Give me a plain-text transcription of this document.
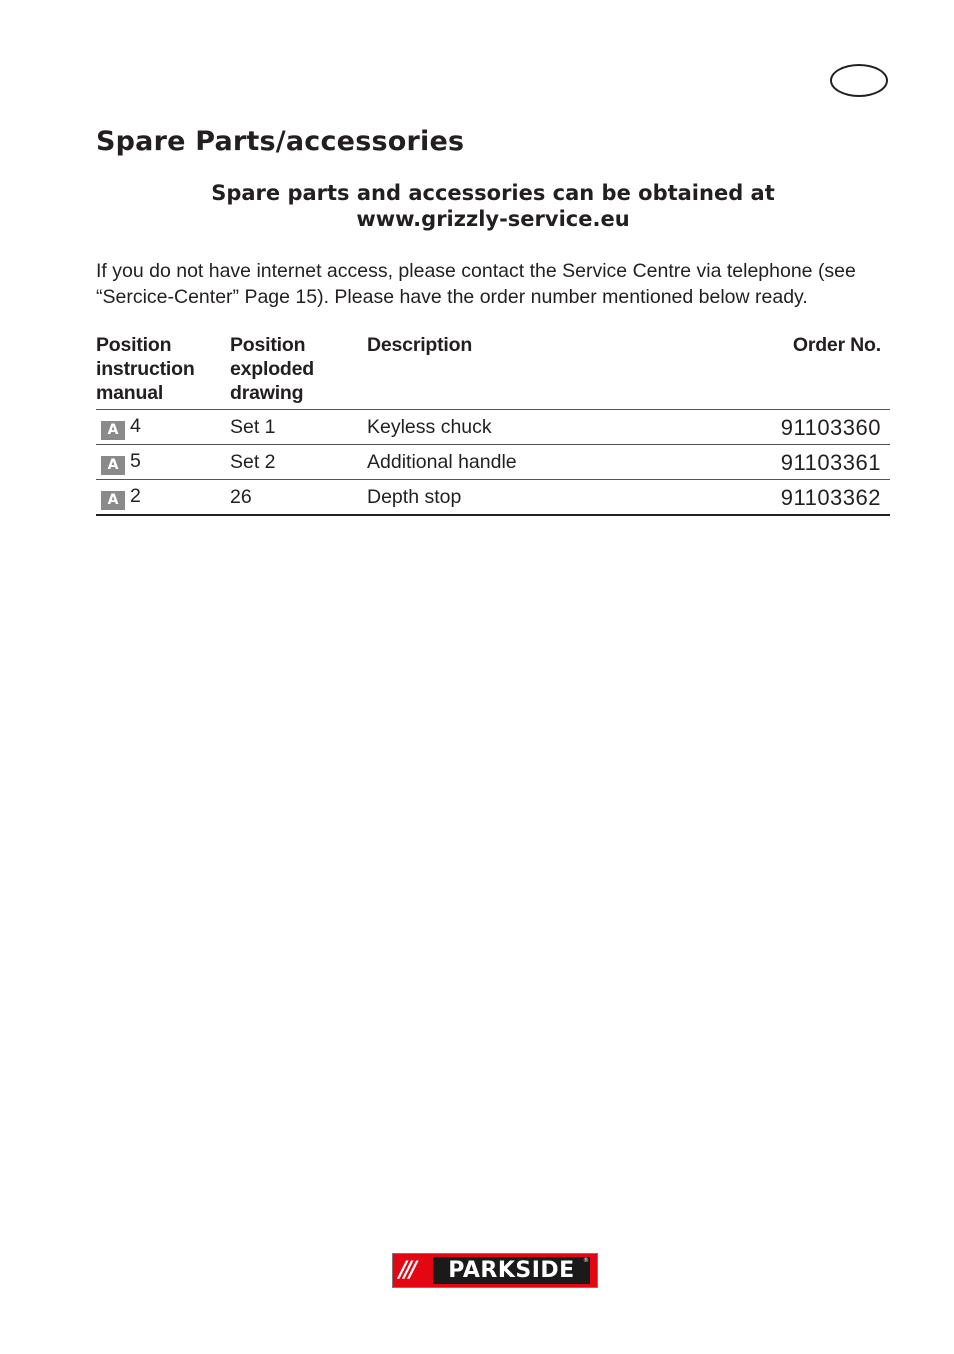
Spare Parts/accessories
Spare parts and accessories can be obtained at
www.grizzly-service.eu

If you do not have internet access, please contact the Service Centre via telephone (see “Sercice-Center” Page 15). Please have the order number mentioned below ready.

Position instruction manual	Position exploded drawing	Description	Order No.
A 4	Set 1	Keyless chuck	91103360
A 5	Set 2	Additional handle	91103361
A 2	26	Depth stop	91103362
///	PARKSIDE	®
